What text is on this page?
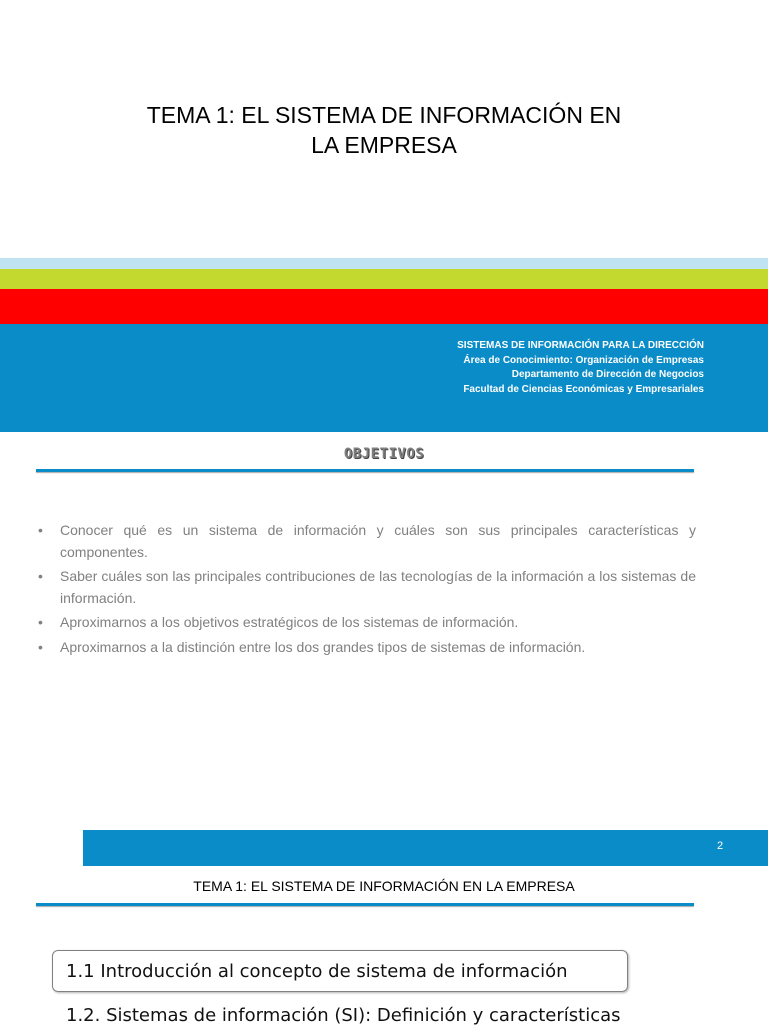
TEMA 1: EL SISTEMA DE INFORMACIÓN EN
LA EMPRESA
SISTEMAS DE INFORMACIÓN PARA LA DIRECCIÓN
Área de Conocimiento: Organización de Empresas
Departamento de Dirección de Negocios
Facultad de Ciencias Económicas y Empresariales
OBJETIVOS
• Conocer qué es un sistema de información y cuáles son sus principales características y componentes.
• Saber cuáles son las principales contribuciones de las tecnologías de la información a los sistemas de información.
• Aproximarnos a los objetivos estratégicos de los sistemas de información.
• Aproximarnos a la distinción entre los dos grandes tipos de sistemas de información.
2
TEMA 1: EL SISTEMA DE INFORMACIÓN EN LA EMPRESA
1.1 Introducción al concepto de sistema de información
1.2. Sistemas de información (SI): Definición y características
